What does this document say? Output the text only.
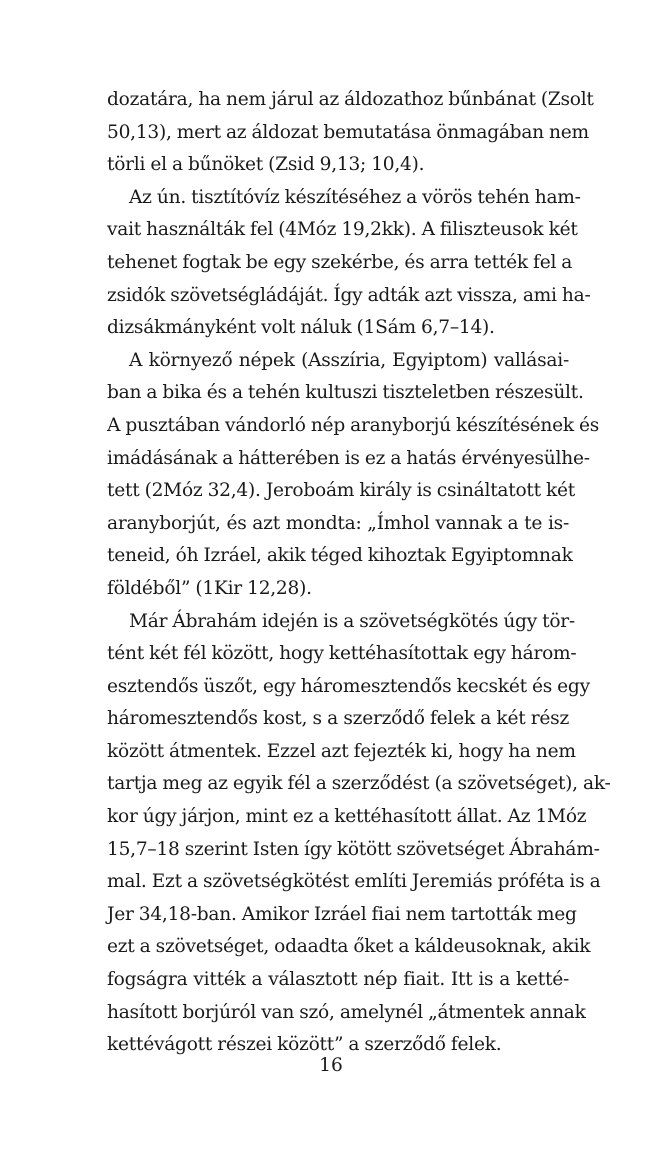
dozatára, ha nem járul az áldozathoz bűnbánat (Zsolt
50,13), mert az áldozat bemutatása önmagában nem
törli el a bűnöket (Zsid 9,13; 10,4).
Az ún. tisztítóvíz készítéséhez a vörös tehén ham-
vait használták fel (4Móz 19,2kk). A filiszteusok két
tehenet fogtak be egy szekérbe, és arra tették fel a
zsidók szövetségládáját. Így adták azt vissza, ami ha-
dizsákmányként volt náluk (1Sám 6,7–14).
A környező népek (Asszíria, Egyiptom) vallásai-
ban a bika és a tehén kultuszi tiszteletben részesült.
A pusztában vándorló nép aranyborjú készítésének és
imádásának a hátterében is ez a hatás érvényesülhe-
tett (2Móz 32,4). Jeroboám király is csináltatott két
aranyborjút, és azt mondta: „Ímhol vannak a te is-
teneid, óh Izráel, akik téged kihoztak Egyiptomnak
földéből” (1Kir 12,28).
Már Ábrahám idején is a szövetségkötés úgy tör-
tént két fél között, hogy kettéhasítottak egy három-
esztendős üszőt, egy háromesztendős kecskét és egy
háromesztendős kost, s a szerződő felek a két rész
között átmentek. Ezzel azt fejezték ki, hogy ha nem
tartja meg az egyik fél a szerződést (a szövetséget), ak-
kor úgy járjon, mint ez a kettéhasított állat. Az 1Móz
15,7–18 szerint Isten így kötött szövetséget Ábrahám-
mal. Ezt a szövetségkötést említi Jeremiás próféta is a
Jer 34,18-ban. Amikor Izráel fiai nem tartották meg
ezt a szövetséget, odaadta őket a káldeusoknak, akik
fogságra vitték a választott nép fiait. Itt is a ketté-
hasított borjúról van szó, amelynél „átmentek annak
kettévágott részei között” a szerződő felek.
16
